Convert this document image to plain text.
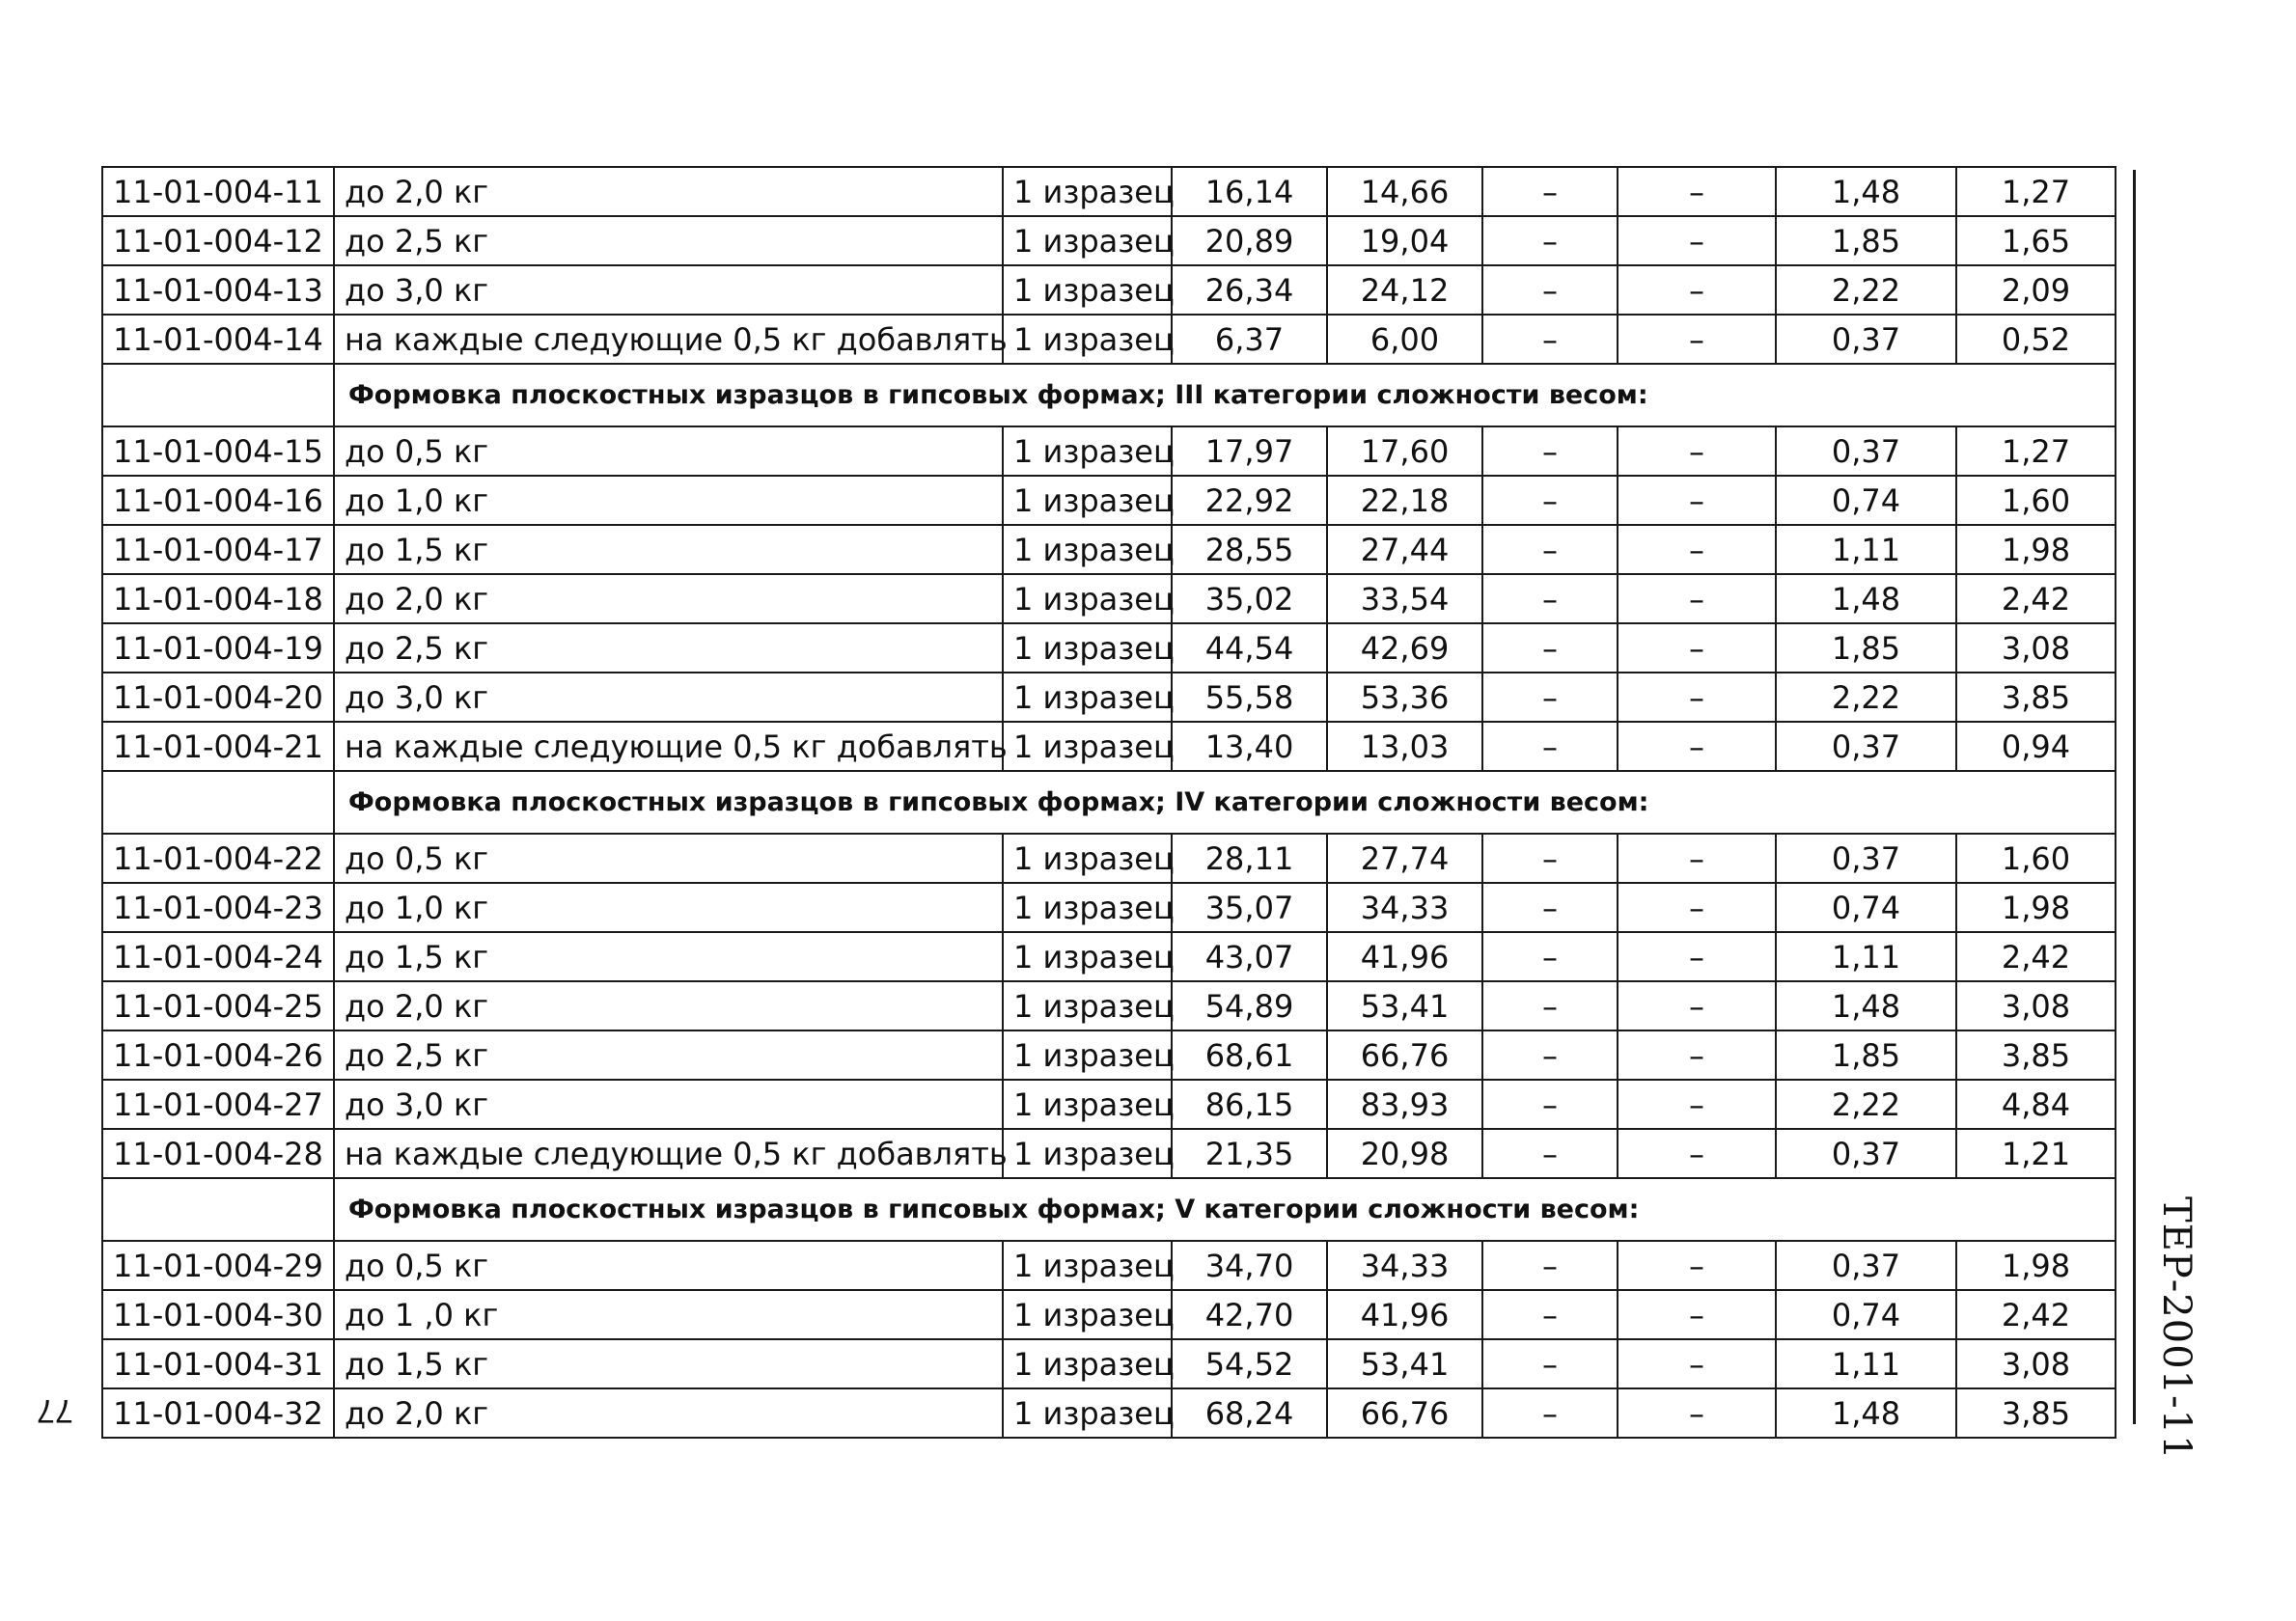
11-01-004-11	до 2,0 кг	1 изразец	16,14	14,66	–	–	1,48	1,27
11-01-004-12	до 2,5 кг	1 изразец	20,89	19,04	–	–	1,85	1,65
11-01-004-13	до 3,0 кг	1 изразец	26,34	24,12	–	–	2,22	2,09
11-01-004-14	на каждые следующие 0,5 кг добавлять	1 изразец	6,37	6,00	–	–	0,37	0,52
	Формовка плоскостных изразцов в гипсовых формах; III категории сложности весом:							
11-01-004-15	до 0,5 кг	1 изразец	17,97	17,60	–	–	0,37	1,27
11-01-004-16	до 1,0 кг	1 изразец	22,92	22,18	–	–	0,74	1,60
11-01-004-17	до 1,5 кг	1 изразец	28,55	27,44	–	–	1,11	1,98
11-01-004-18	до 2,0 кг	1 изразец	35,02	33,54	–	–	1,48	2,42
11-01-004-19	до 2,5 кг	1 изразец	44,54	42,69	–	–	1,85	3,08
11-01-004-20	до 3,0 кг	1 изразец	55,58	53,36	–	–	2,22	3,85
11-01-004-21	на каждые следующие 0,5 кг добавлять	1 изразец	13,40	13,03	–	–	0,37	0,94
	Формовка плоскостных изразцов в гипсовых формах; IV категории сложности весом:							
11-01-004-22	до 0,5 кг	1 изразец	28,11	27,74	–	–	0,37	1,60
11-01-004-23	до 1,0 кг	1 изразец	35,07	34,33	–	–	0,74	1,98
11-01-004-24	до 1,5 кг	1 изразец	43,07	41,96	–	–	1,11	2,42
11-01-004-25	до 2,0 кг	1 изразец	54,89	53,41	–	–	1,48	3,08
11-01-004-26	до 2,5 кг	1 изразец	68,61	66,76	–	–	1,85	3,85
11-01-004-27	до 3,0 кг	1 изразец	86,15	83,93	–	–	2,22	4,84
11-01-004-28	на каждые следующие 0,5 кг добавлять	1 изразец	21,35	20,98	–	–	0,37	1,21
	Формовка плоскостных изразцов в гипсовых формах; V категории сложности весом:							
11-01-004-29	до 0,5 кг	1 изразец	34,70	34,33	–	–	0,37	1,98
11-01-004-30	до 1 ,0 кг	1 изразец	42,70	41,96	–	–	0,74	2,42
11-01-004-31	до 1,5 кг	1 изразец	54,52	53,41	–	–	1,11	3,08
11-01-004-32	до 2,0 кг	1 изразец	68,24	66,76	–	–	1,48	3,85 ТЕР-2001-11
77
